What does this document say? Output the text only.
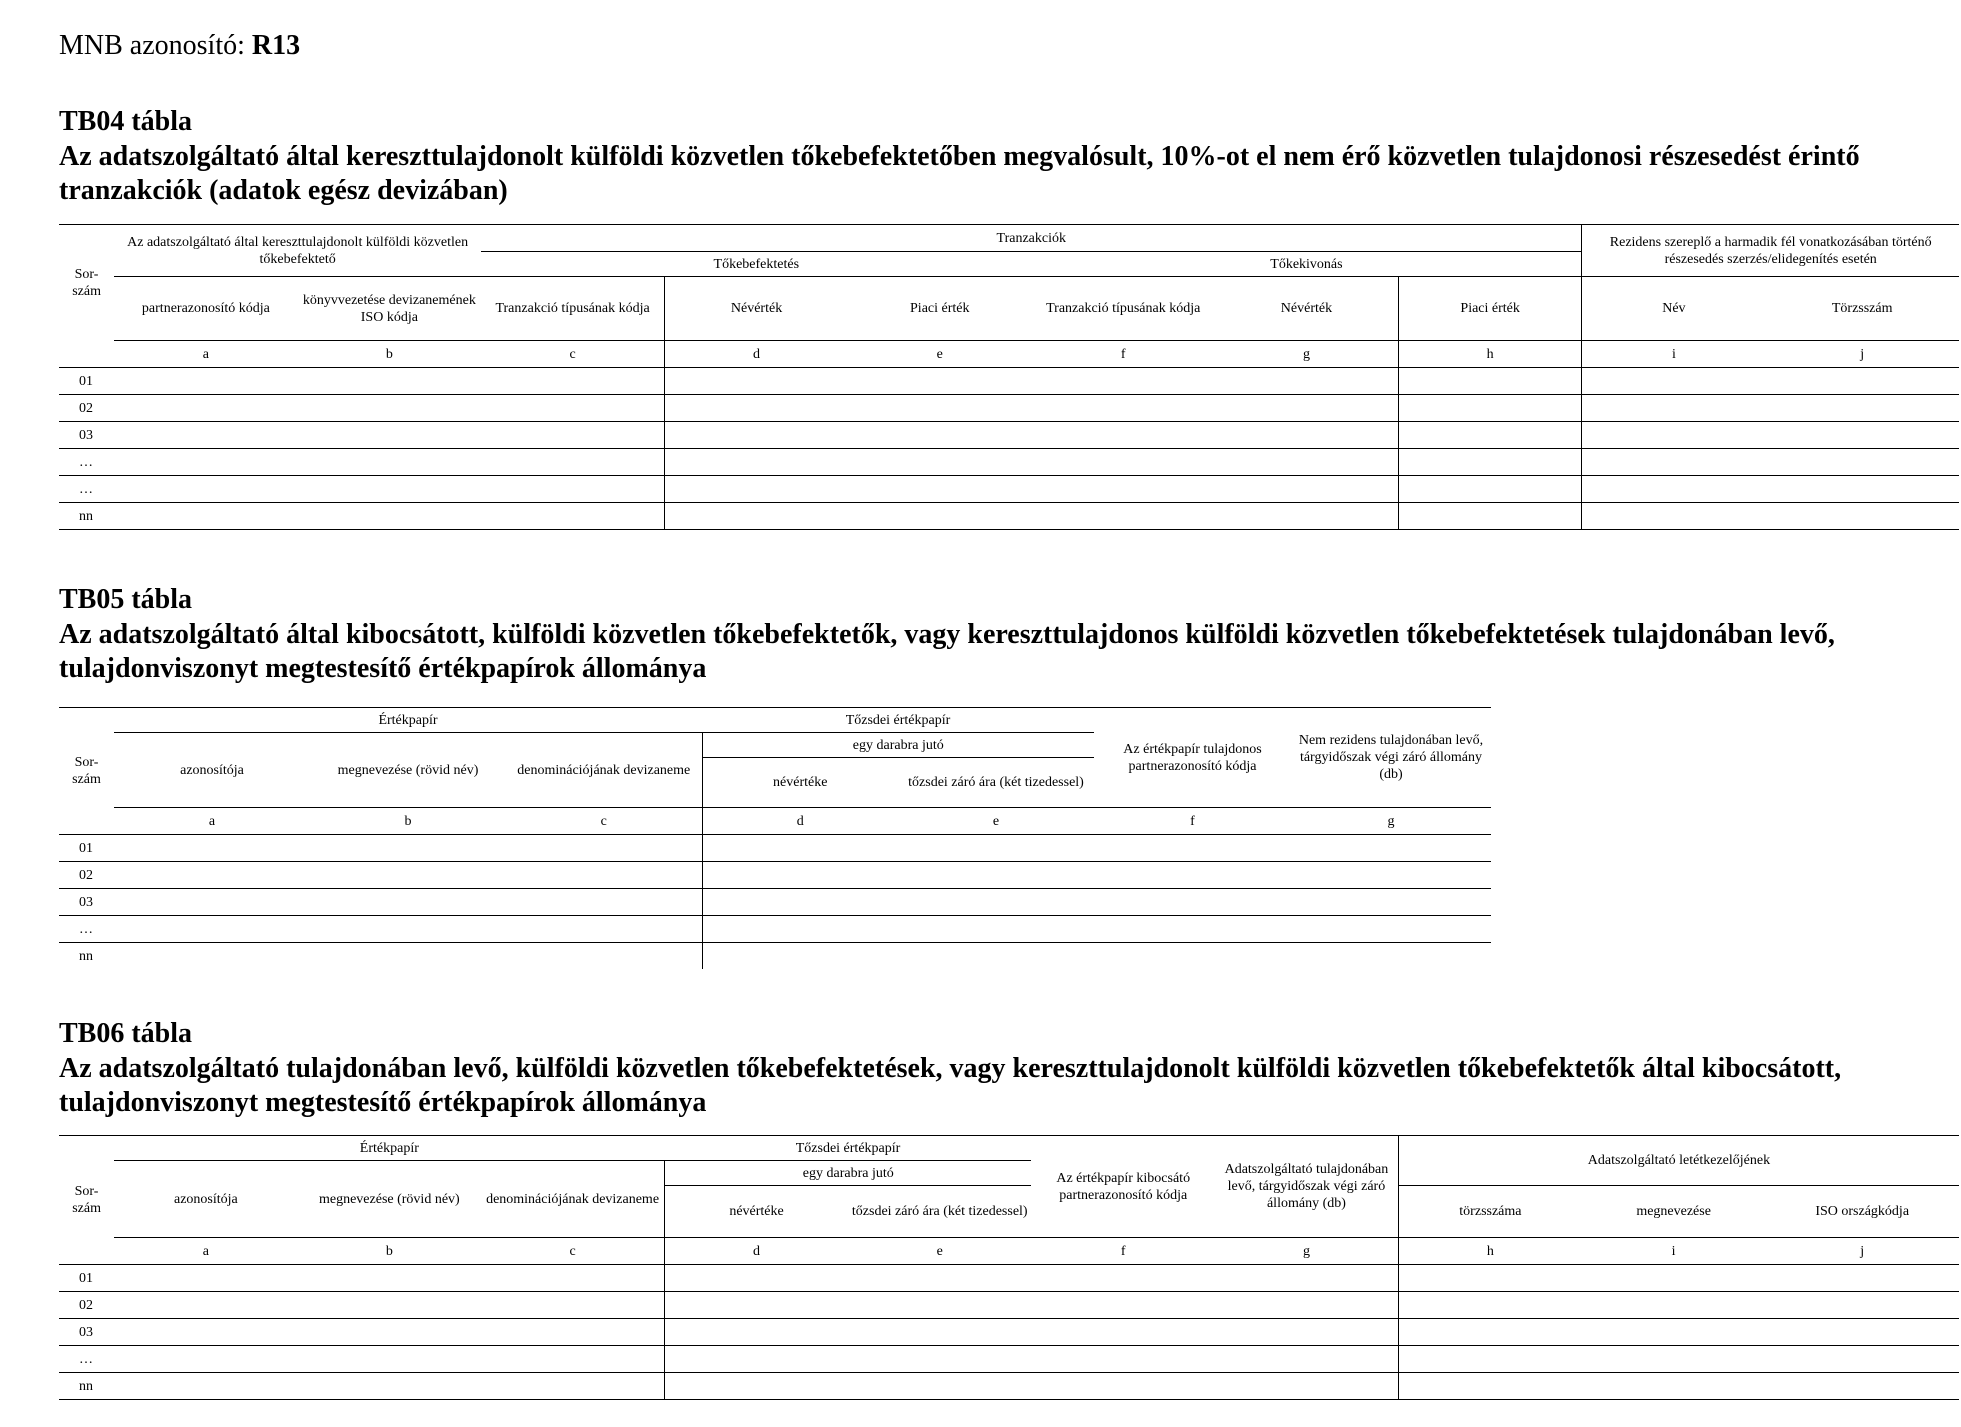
MNB azonosító: R13
TB04 tábla
Az adatszolgáltató által kereszttulajdonolt külföldi közvetlen tőkebefektetőben megvalósult, 10%-ot el nem érő közvetlen tulajdonosi részesedést érintő tranzakciók (adatok egész devizában)
Sor-szám	Az adatszolgáltató által kereszttulajdonolt külföldi közvetlen tőkebefektető		Tranzakciók						Rezidens szereplő a harmadik fél vonatkozásában történő részesedés szerzés/elidegenítés esetén	
			Tőkebefektetés			Tőkekivonás				
	partnerazonosító kódja	könyvvezetése devizanemének ISO kódja	Tranzakció típusának kódja	Névérték	Piaci érték	Tranzakció típusának kódja	Névérték	Piaci érték	Név	Törzsszám
	a	b	c	d	e	f	g	h	i	j
01										
02										
03										
…										
…										
nn										
TB05 tábla
Az adatszolgáltató által kibocsátott, külföldi közvetlen tőkebefektetők, vagy kereszttulajdonos külföldi közvetlen tőkebefektetések tulajdonában levő, tulajdonviszonyt megtestesítő értékpapírok állománya
Sor-szám	Értékpapír			Tőzsdei értékpapír		Az értékpapír tulajdonos partnerazonosító kódja	Nem rezidens tulajdonában levő, tárgyidőszak végi záró állomány (db)
	azonosítója	megnevezése (rövid név)	denominációjának devizaneme	egy darabra jutó			
				névértéke	tőzsdei záró ára (két tizedessel)		
	a	b	c	d	e	f	g
01							
02							
03							
…							
nn							
TB06 tábla
Az adatszolgáltató tulajdonában levő, külföldi közvetlen tőkebefektetések, vagy kereszttulajdonolt külföldi közvetlen tőkebefektetők által kibocsátott, tulajdonviszonyt megtestesítő értékpapírok állománya
Sor-szám	Értékpapír			Tőzsdei értékpapír		Az értékpapír kibocsátó partnerazonosító kódja	Adatszolgáltató tulajdonában levő, tárgyidőszak végi záró állomány (db)	Adatszolgáltató letétkezelőjének		
	azonosítója	megnevezése (rövid név)	denominációjának devizaneme	egy darabra jutó						
				névértéke	tőzsdei záró ára (két tizedessel)			törzsszáma	megnevezése	ISO országkódja
	a	b	c	d	e	f	g	h	i	j
01										
02										
03										
…										
nn										
